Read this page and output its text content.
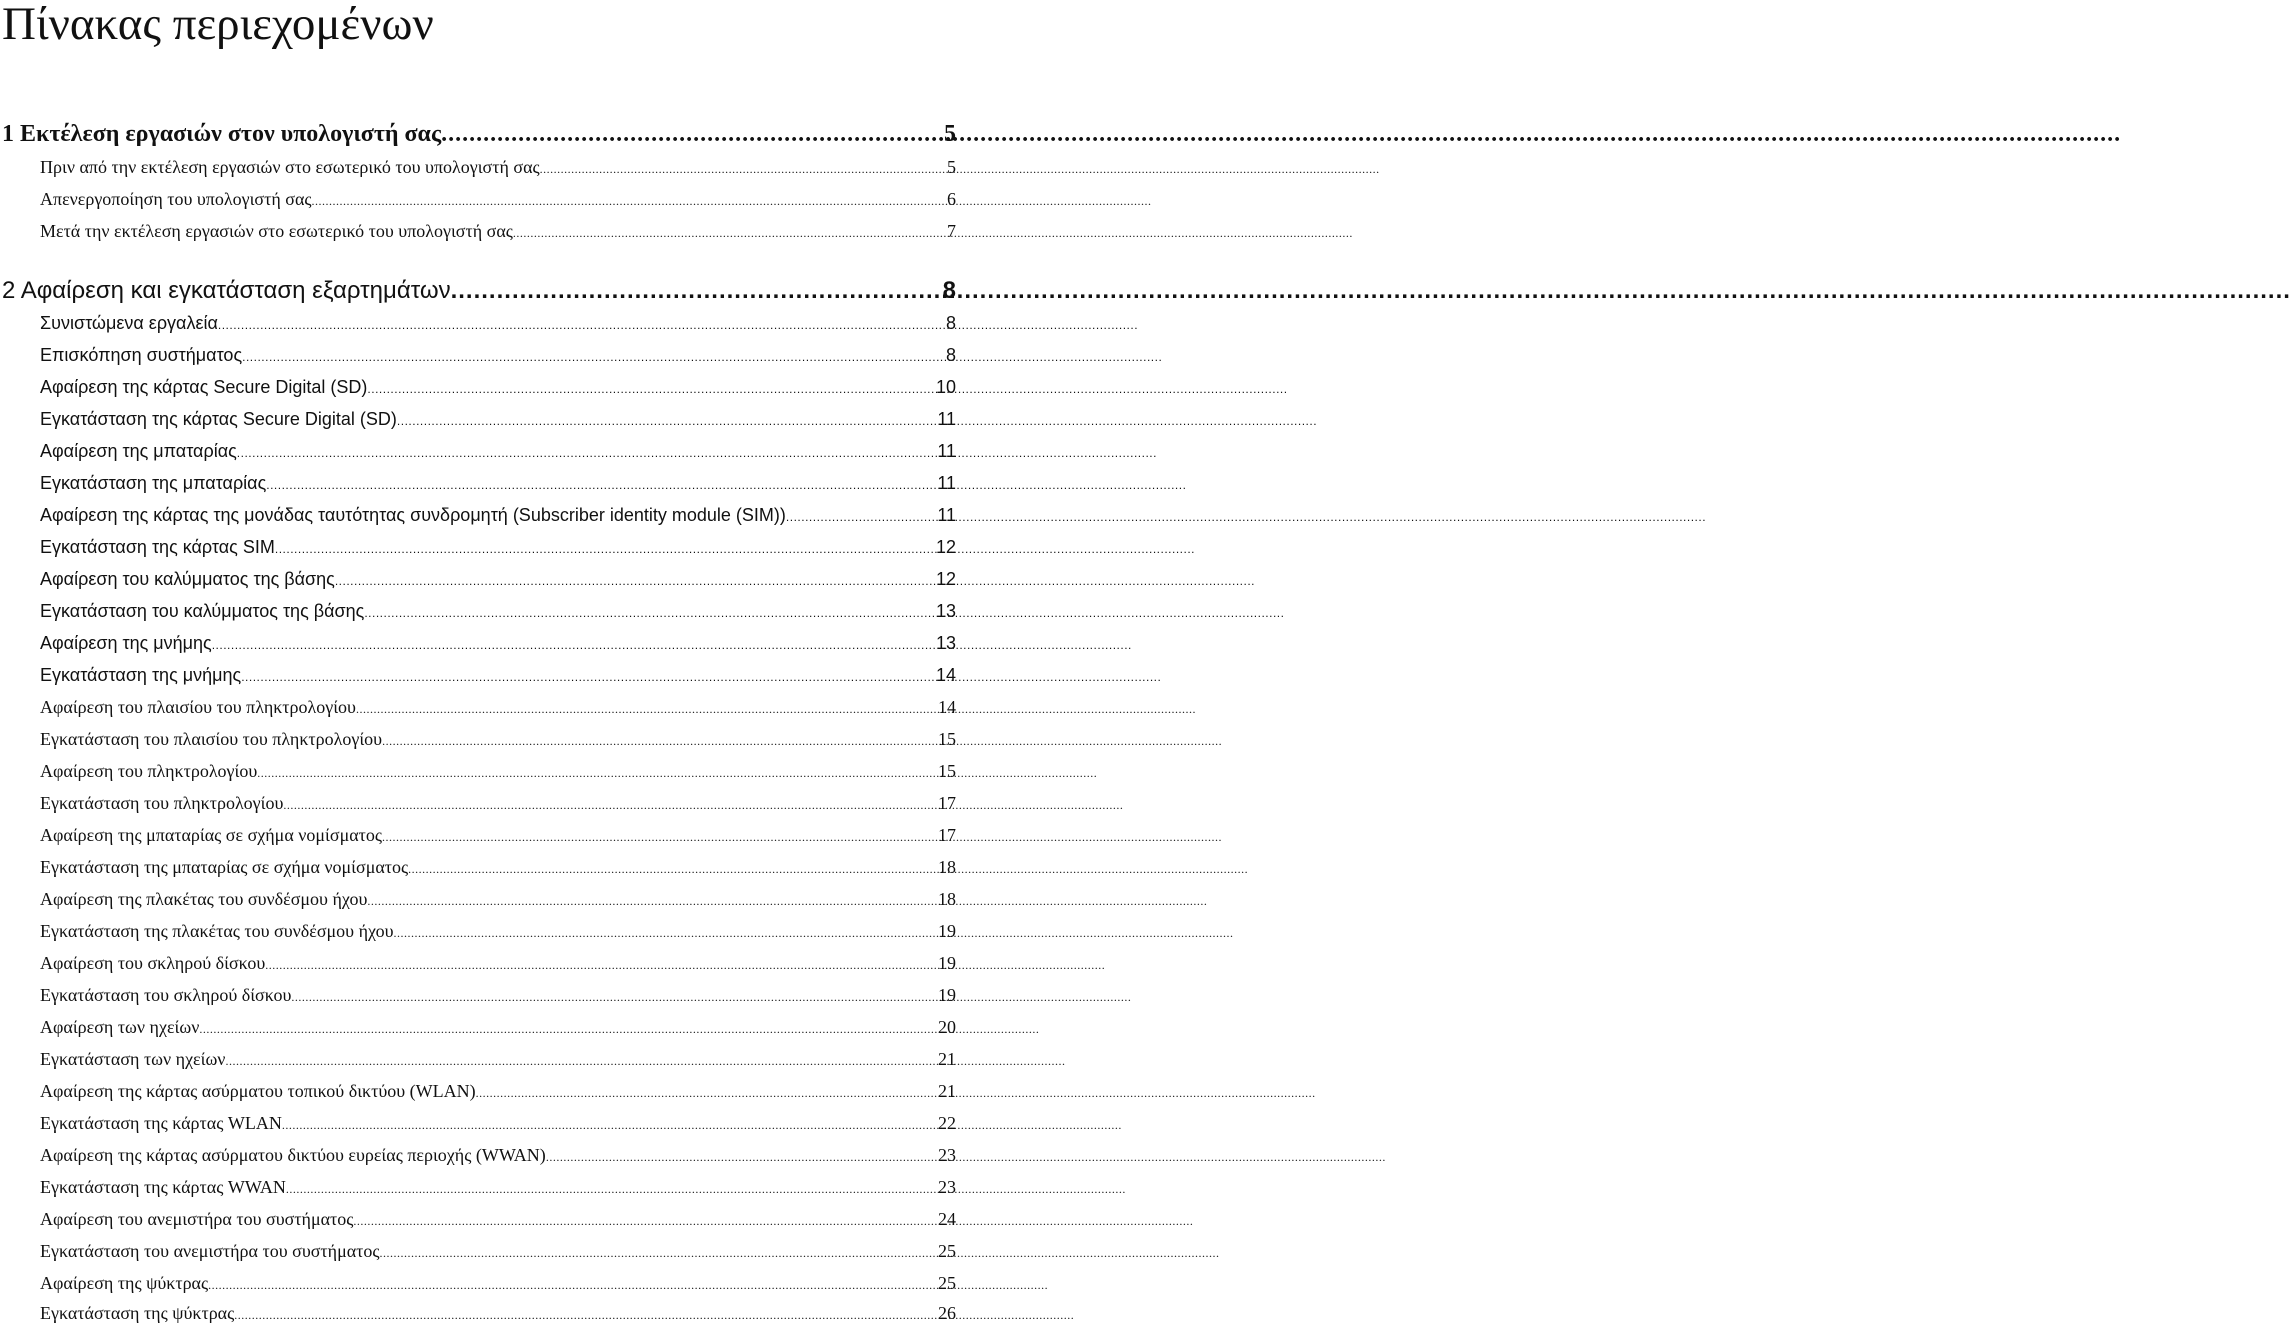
Πίνακας περιεχομένων
1 Εκτέλεση εργασιών στον υπολογιστή σας .....	5
Πριν από την εκτέλεση εργασιών στο εσωτερικό του υπολογιστή σας .....	5
Απενεργοποίηση του υπολογιστή σας .....	6
Μετά την εκτέλεση εργασιών στο εσωτερικό του υπολογιστή σας .....	7
2 Αφαίρεση και εγκατάσταση εξαρτημάτων .....	8
Συνιστώμενα εργαλεία .....	8
Επισκόπηση συστήματος .....	8
Αφαίρεση της κάρτας Secure Digital (SD) .....	10
Εγκατάσταση της κάρτας Secure Digital (SD) .....	11
Αφαίρεση της μπαταρίας .....	11
Εγκατάσταση της μπαταρίας .....	11
Αφαίρεση της κάρτας της μονάδας ταυτότητας συνδρομητή (Subscriber identity module (SIM)) .....	11
Εγκατάσταση της κάρτας SIM .....	12
Αφαίρεση του καλύμματος της βάσης .....	12
Εγκατάσταση του καλύμματος της βάσης .....	13
Αφαίρεση της μνήμης .....	13
Εγκατάσταση της μνήμης .....	14
Αφαίρεση του πλαισίου του πληκτρολογίου .....	14
Εγκατάσταση του πλαισίου του πληκτρολογίου .....	15
Αφαίρεση του πληκτρολογίου .....	15
Εγκατάσταση του πληκτρολογίου .....	17
Αφαίρεση της μπαταρίας σε σχήμα νομίσματος .....	17
Εγκατάσταση της μπαταρίας σε σχήμα νομίσματος .....	18
Αφαίρεση της πλακέτας του συνδέσμου ήχου .....	18
Εγκατάσταση της πλακέτας του συνδέσμου ήχου .....	19
Αφαίρεση του σκληρού δίσκου .....	19
Εγκατάσταση του σκληρού δίσκου .....	19
Αφαίρεση των ηχείων .....	20
Εγκατάσταση των ηχείων .....	21
Αφαίρεση της κάρτας ασύρματου τοπικού δικτύου (WLAN) .....	21
Εγκατάσταση της κάρτας WLAN .....	22
Αφαίρεση της κάρτας ασύρματου δικτύου ευρείας περιοχής (WWAN) .....	23
Εγκατάσταση της κάρτας WWAN .....	23
Αφαίρεση του ανεμιστήρα του συστήματος .....	24
Εγκατάσταση του ανεμιστήρα του συστήματος .....	25
Αφαίρεση της ψύκτρας .....	25
Εγκατάσταση της ψύκτρας .....	26
